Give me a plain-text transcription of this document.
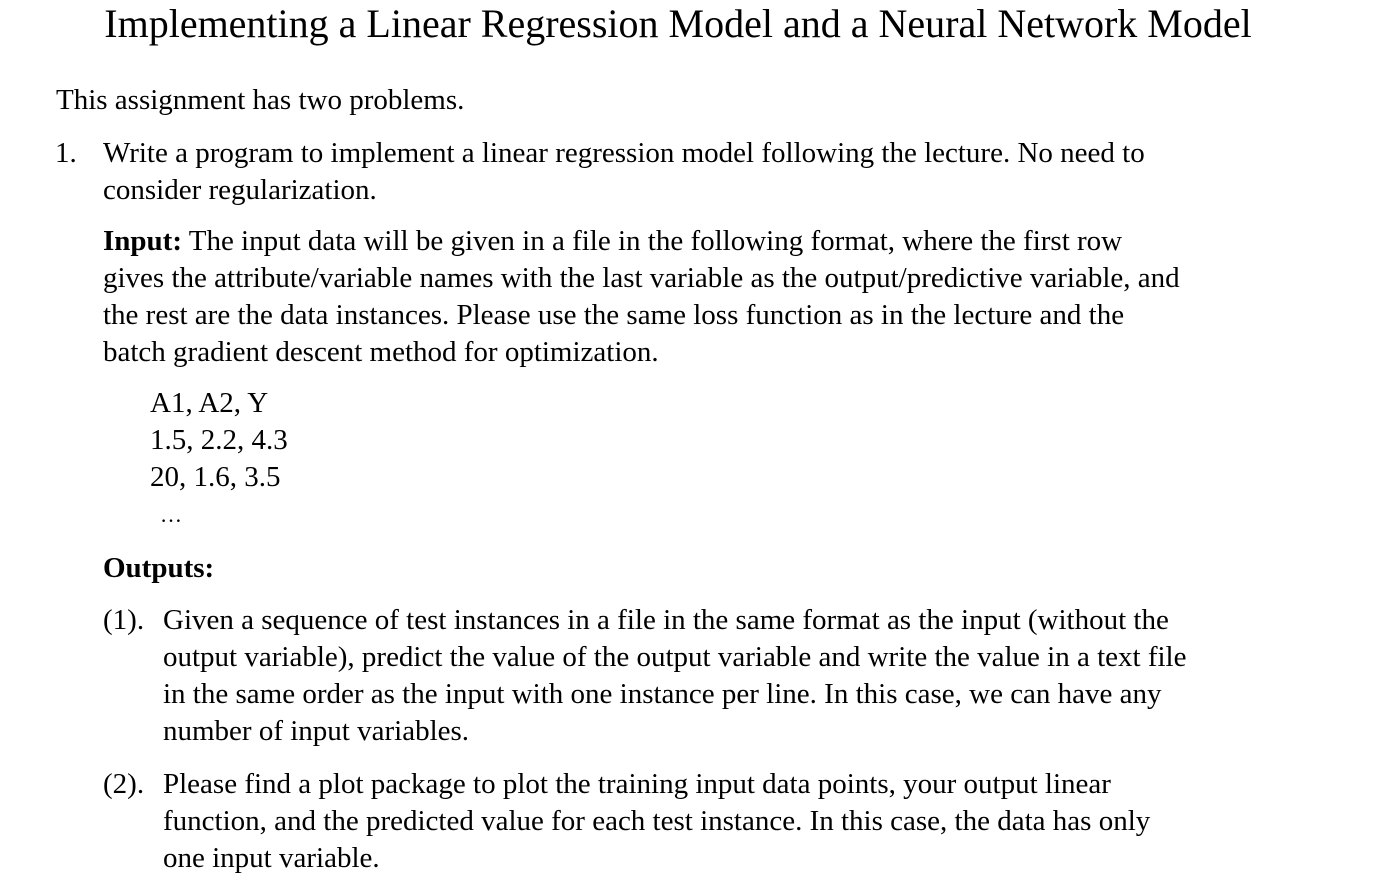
Implementing a Linear Regression Model and a Neural Network Model
This assignment has two problems.
1. Write a program to implement a linear regression model following the lecture. No need to
consider regularization.
Input: The input data will be given in a file in the following format, where the first row
gives the attribute/variable names with the last variable as the output/predictive variable, and
the rest are the data instances. Please use the same loss function as in the lecture and the
batch gradient descent method for optimization.
A1, A2, Y
1.5, 2.2, 4.3
20, 1.6, 3.5
…
Outputs:
(1). Given a sequence of test instances in a file in the same format as the input (without the
output variable), predict the value of the output variable and write the value in a text file
in the same order as the input with one instance per line. In this case, we can have any
number of input variables.
(2). Please find a plot package to plot the training input data points, your output linear
function, and the predicted value for each test instance. In this case, the data has only
one input variable.
